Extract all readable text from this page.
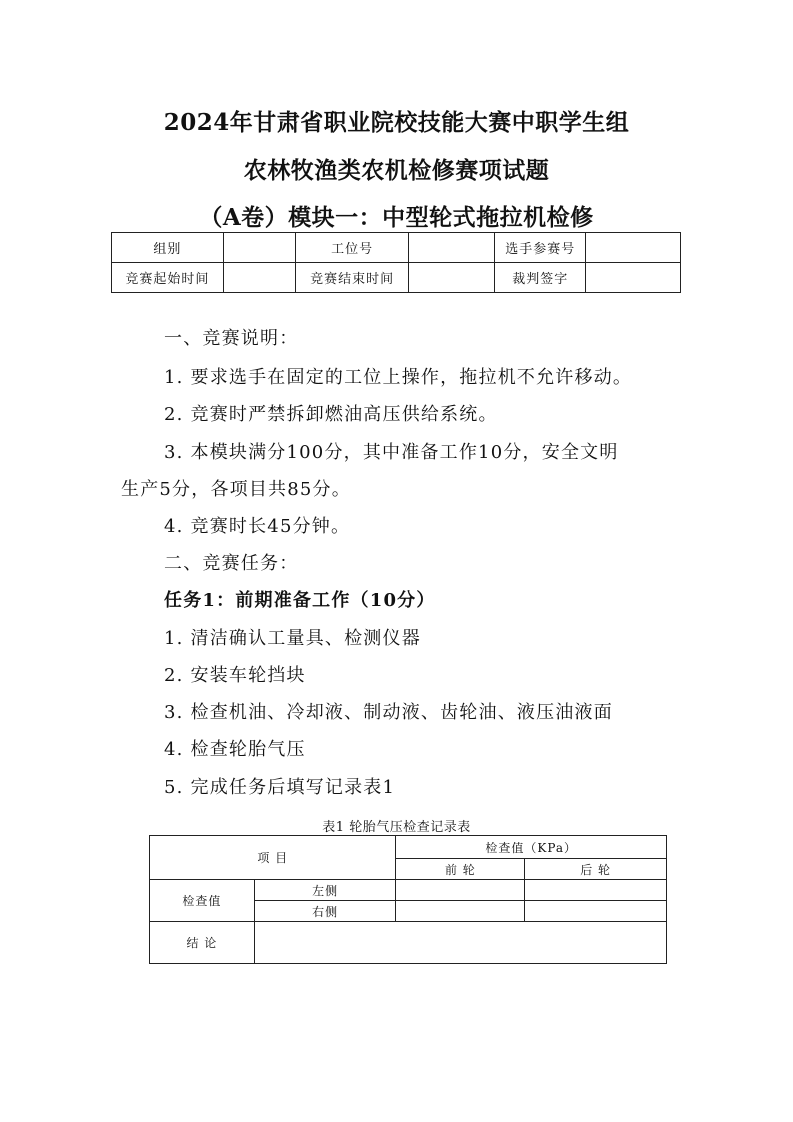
2024年甘肃省职业院校技能大赛中职学生组
农林牧渔类农机检修赛项试题
（A卷）模块一：中型轮式拖拉机检修
组别		工位号		选手参赛号	
竞赛起始时间		竞赛结束时间		裁判签字	
一、竞赛说明：
1. 要求选手在固定的工位上操作，拖拉机不允许移动。
2. 竞赛时严禁拆卸燃油高压供给系统。
3. 本模块满分100分，其中准备工作10分，安全文明
生产5分，各项目共85分。
4. 竞赛时长45分钟。
二、竞赛任务：
任务1：前期准备工作（10分）
1. 清洁确认工量具、检测仪器
2. 安装车轮挡块
3. 检查机油、冷却液、制动液、齿轮油、液压油液面
4. 检查轮胎气压
5. 完成任务后填写记录表1
表1 轮胎气压检查记录表
项 目		检查值（KPa）	
		前 轮	后 轮
检查值	左侧		
	右侧		
结 论			
